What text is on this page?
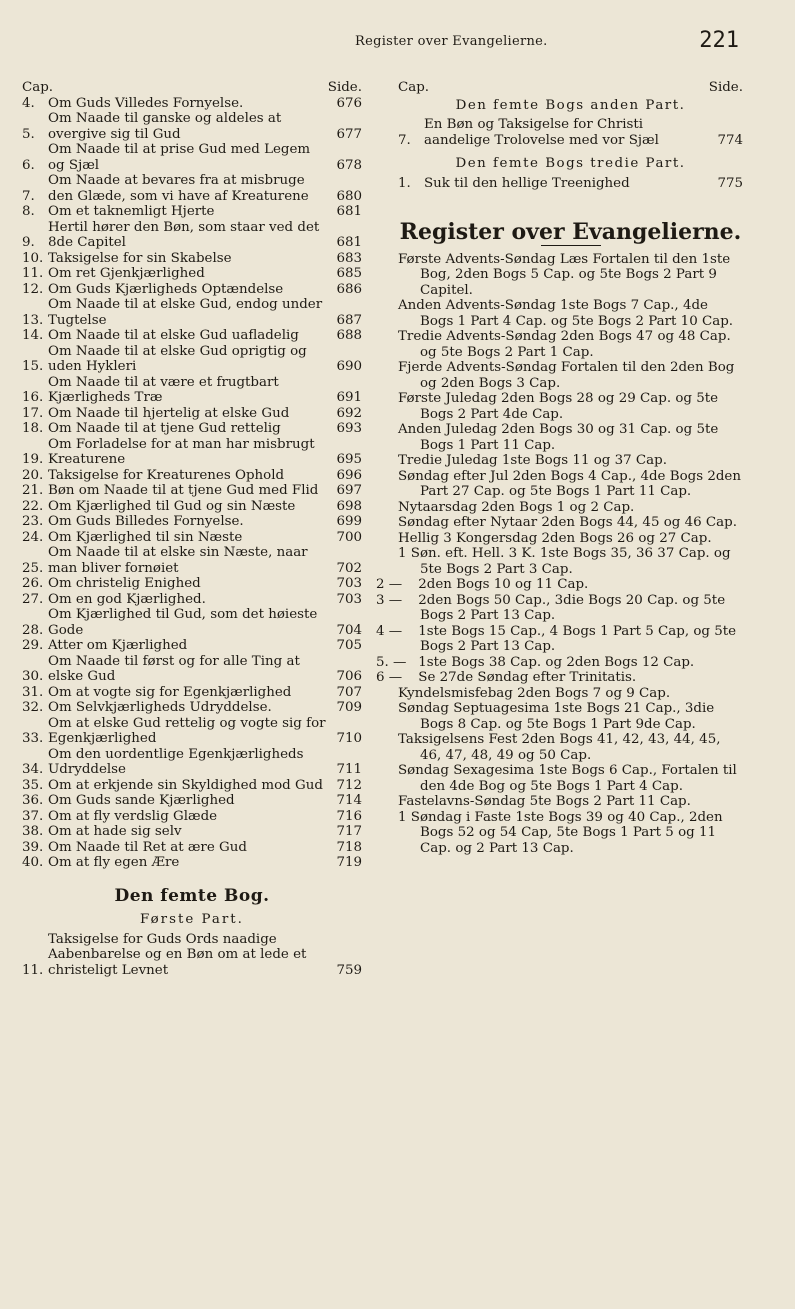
Register over Evangelierne.	221
Cap.	Side.
4. Om Guds Villedes Fornyelse.	676
5.
Om Naade til ganske og aldeles at overgive sig til Gud	677
6.
Om Naade til at prise Gud med Legem og Sjæl	678
7.
Om Naade at bevares fra at misbruge den Glæde, som vi have af Kreaturene	680
8. Om et taknemligt Hjerte	681
9.
Hertil hører den Bøn, som staar ved det 8de Capitel	681
10. Taksigelse for sin Skabelse	683
11. Om ret Gjenkjærlighed	685
12. Om Guds Kjærligheds Optændelse	686
13.
Om Naade til at elske Gud, endog under Tugtelse	687
14. Om Naade til at elske Gud uafladelig	688
15.
Om Naade til at elske Gud oprigtig og uden Hykleri	690
16.
Om Naade til at være et frugtbart Kjærligheds Træ	691
17. Om Naade til hjertelig at elske Gud	692
18. Om Naade til at tjene Gud rettelig	693
19.
Om Forladelse for at man har misbrugt Kreaturene	695
20. Taksigelse for Kreaturenes Ophold	696
21. Bøn om Naade til at tjene Gud med Flid	697
22. Om Kjærlighed til Gud og sin Næste	698
23. Om Guds Billedes Fornyelse.	699
24. Om Kjærlighed til sin Næste	700
25.
Om Naade til at elske sin Næste, naar man bliver fornøiet	702
26. Om christelig Enighed	703
27. Om en god Kjærlighed.	703
28.
Om Kjærlighed til Gud, som det høieste Gode	704
29. Atter om Kjærlighed	705
30.
Om Naade til først og for alle Ting at elske Gud	706
31. Om at vogte sig for Egenkjærlighed	707
32. Om Selvkjærligheds Udryddelse.	709
33.
Om at elske Gud rettelig og vogte sig for Egenkjærlighed	710
34.
Om den uordentlige Egenkjærligheds Udryddelse	711
35. Om at erkjende sin Skyldighed mod Gud	712
36. Om Guds sande Kjærlighed	714
37. Om at fly verdslig Glæde	716
38. Om at hade sig selv	717
39. Om Naade til Ret at ære Gud	718
40. Om at fly egen Ære	719
Den femte Bog.
Første Part.
11.
Taksigelse for Guds Ords naadige Aabenbarelse og en Bøn om at lede et christeligt Levnet	759
Cap.	Side.
Den femte Bogs anden Part.
7.
En Bøn og Taksigelse for Christi aandelige Trolovelse med vor Sjæl	774
Den femte Bogs tredie Part.
1. Suk til den hellige Treenighed	775
Register over Evangelierne.
Første Advents-Søndag Læs Fortalen til den 1ste Bog, 2den Bogs 5 Cap. og 5te Bogs 2 Part 9 Capitel.
Anden Advents-Søndag 1ste Bogs 7 Cap., 4de Bogs 1 Part 4 Cap. og 5te Bogs 2 Part 10 Cap.
Tredie Advents-Søndag 2den Bogs 47 og 48 Cap. og 5te Bogs 2 Part 1 Cap.
Fjerde Advents-Søndag Fortalen til den 2den Bog og 2den Bogs 3 Cap.
Første Juledag 2den Bogs 28 og 29 Cap. og 5te Bogs 2 Part 4de Cap.
Anden Juledag 2den Bogs 30 og 31 Cap. og 5te Bogs 1 Part 11 Cap.
Tredie Juledag 1ste Bogs 11 og 37 Cap.
Søndag efter Jul 2den Bogs 4 Cap., 4de Bogs 2den Part 27 Cap. og 5te Bogs 1 Part 11 Cap.
Nytaarsdag 2den Bogs 1 og 2 Cap.
Søndag efter Nytaar 2den Bogs 44, 45 og 46 Cap.
Hellig 3 Kongersdag 2den Bogs 26 og 27 Cap.
1 Søn. eft. Hell. 3 K. 1ste Bogs 35, 36 37 Cap. og 5te Bogs 2 Part 3 Cap.
2 — 2den Bogs 10 og 11 Cap.
3 — 2den Bogs 50 Cap., 3die Bogs 20 Cap. og 5te Bogs 2 Part 13 Cap.
4 — 1ste Bogs 15 Cap., 4 Bogs 1 Part 5 Cap, og 5te Bogs 2 Part 13 Cap.
5. — 1ste Bogs 38 Cap. og 2den Bogs 12 Cap.
6 — Se 27de Søndag efter Trinitatis.
Kyndelsmisfebag 2den Bogs 7 og 9 Cap.
Søndag Septuagesima 1ste Bogs 21 Cap., 3die Bogs 8 Cap. og 5te Bogs 1 Part 9de Cap.
Taksigelsens Fest 2den Bogs 41, 42, 43, 44, 45, 46, 47, 48, 49 og 50 Cap.
Søndag Sexagesima 1ste Bogs 6 Cap., Fortalen til den 4de Bog og 5te Bogs 1 Part 4 Cap.
Fastelavns-Søndag 5te Bogs 2 Part 11 Cap.
1 Søndag i Faste 1ste Bogs 39 og 40 Cap., 2den Bogs 52 og 54 Cap, 5te Bogs 1 Part 5 og 11 Cap. og 2 Part 13 Cap.
